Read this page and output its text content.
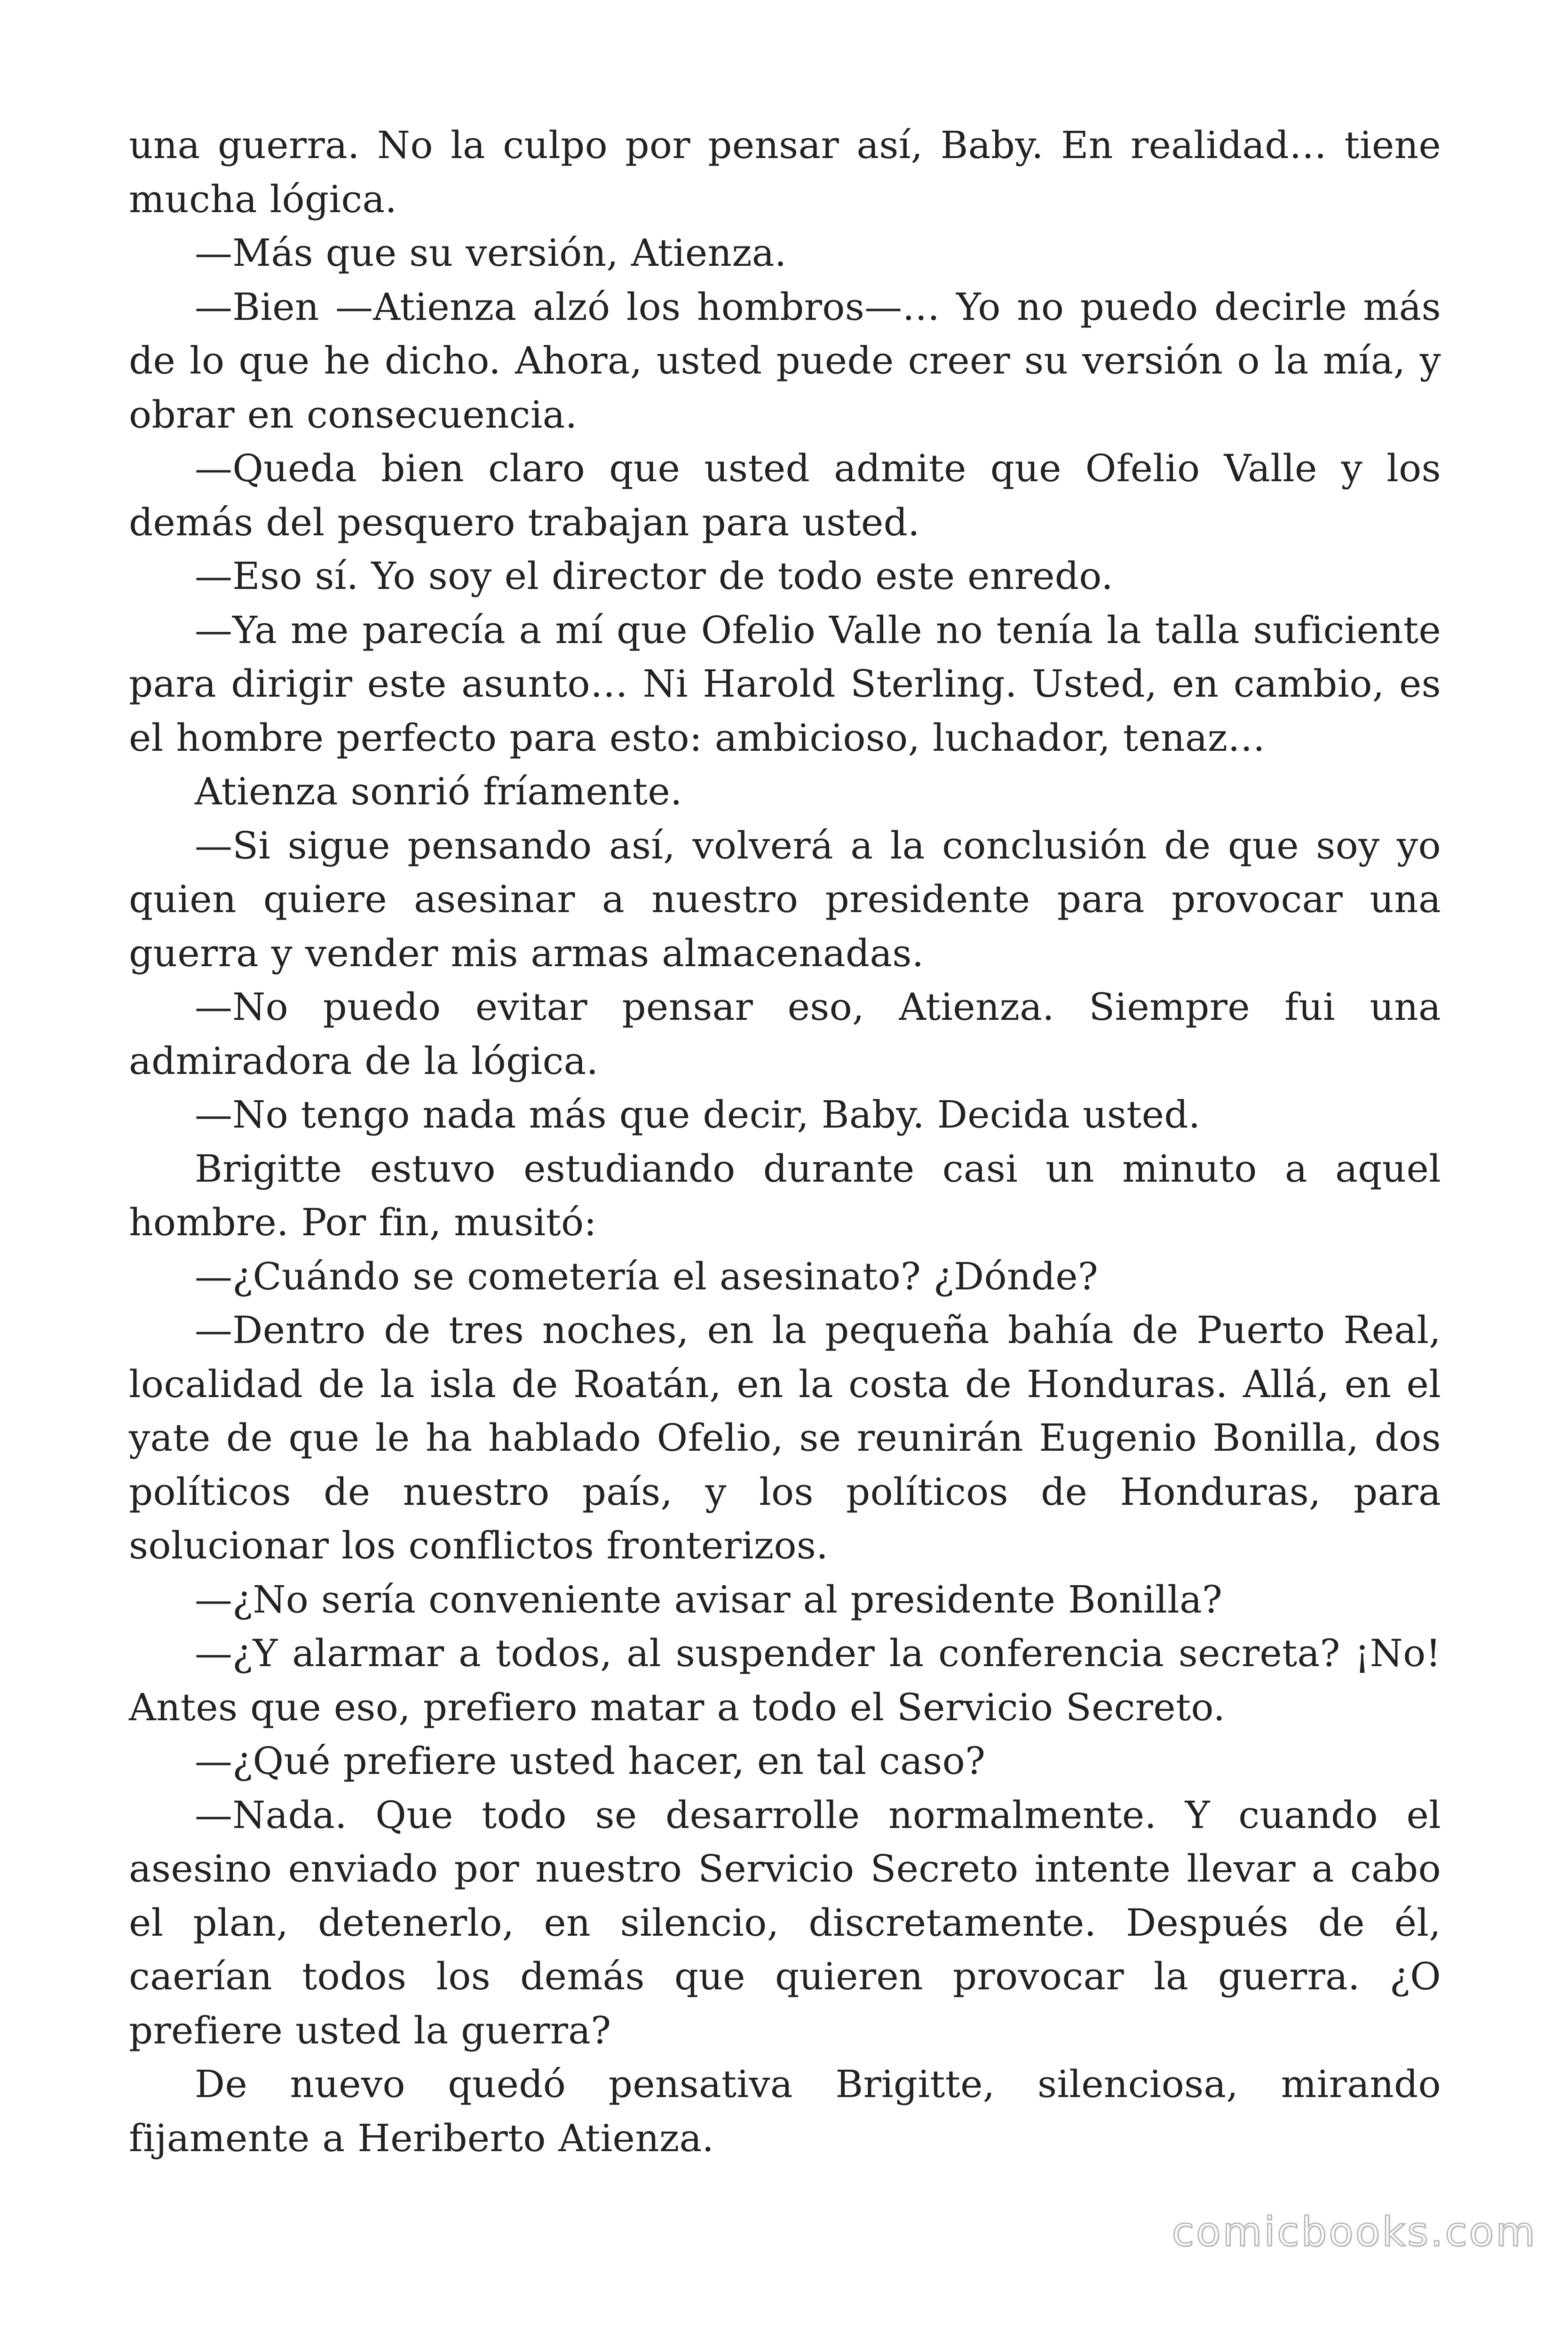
una guerra. No la culpo por pensar así, Baby. En realidad… tiene mucha lógica.

—Más que su versión, Atienza.

—Bien —Atienza alzó los hombros—… Yo no puedo decirle más de lo que he dicho. Ahora, usted puede creer su versión o la mía, y obrar en consecuencia.

—Queda bien claro que usted admite que Ofelio Valle y los demás del pesquero trabajan para usted.

—Eso sí. Yo soy el director de todo este enredo.

—Ya me parecía a mí que Ofelio Valle no tenía la talla suficiente para dirigir este asunto… Ni Harold Sterling. Usted, en cambio, es el hombre perfecto para esto: ambicioso, luchador, tenaz…

Atienza sonrió fríamente.

—Si sigue pensando así, volverá a la conclusión de que soy yo quien quiere asesinar a nuestro presidente para provocar una guerra y vender mis armas almacenadas.

—No puedo evitar pensar eso, Atienza. Siempre fui una admiradora de la lógica.

—No tengo nada más que decir, Baby. Decida usted.

Brigitte estuvo estudiando durante casi un minuto a aquel hombre. Por fin, musitó:

—¿Cuándo se cometería el asesinato? ¿Dónde?

—Dentro de tres noches, en la pequeña bahía de Puerto Real, localidad de la isla de Roatán, en la costa de Honduras. Allá, en el yate de que le ha hablado Ofelio, se reunirán Eugenio Bonilla, dos políticos de nuestro país, y los políticos de Honduras, para solucionar los conflictos fronterizos.

—¿No sería conveniente avisar al presidente Bonilla?

—¿Y alarmar a todos, al suspender la conferencia secreta? ¡No! Antes que eso, prefiero matar a todo el Servicio Secreto.

—¿Qué prefiere usted hacer, en tal caso?

—Nada. Que todo se desarrolle normalmente. Y cuando el asesino enviado por nuestro Servicio Secreto intente llevar a cabo el plan, detenerlo, en silencio, discretamente. Después de él, caerían todos los demás que quieren provocar la guerra. ¿O prefiere usted la guerra?

De nuevo quedó pensativa Brigitte, silenciosa, mirando fijamente a Heriberto Atienza.

comicbooks.com
